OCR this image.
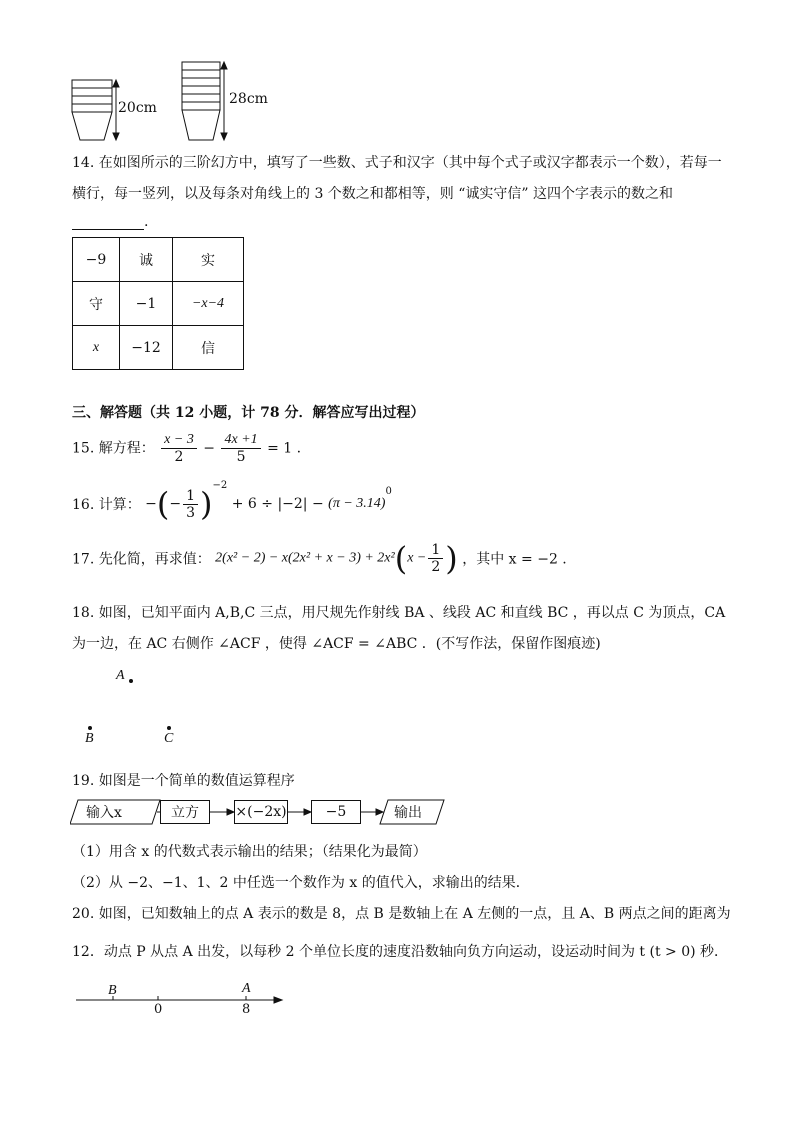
20cm
28cm
14. 在如图所示的三阶幻方中，填写了一些数、式子和汉字（其中每个式子或汉字都表示一个数），若每一
横行，每一竖列，以及每条对角线上的 3 个数之和都相等，则 “诚实守信” 这四个字表示的数之和
.
−9	诚	实
守	−1	−x−4
x	−12	信
三、解答题（共 12 小题，计 78 分．解答应写出过程）
15. 解方程： $\frac{x - 3}{2} - \frac{4x +1}{5} = 1$ .
16. 计算： −(− $\frac{1}{3} )^{-2} + 6 \div |-2| - (\pi - 3.14)^0$
17. 先化简，再求值： $2(x^2 - 2) - x(2x^2 + x - 3) + 2x^2(x - \frac{1}{2}$ ) ，其中 x = −2 .
18. 如图，已知平面内 A,B,C 三点，用尺规先作射线 BA 、线段 AC 和直线 BC ，再以点 C 为顶点，CA
为一边，在 AC 右侧作 ∠ACF ，使得 ∠ACF = ∠ABC ．(不写作法，保留作图痕迹)
A
B	C
19. 如图是一个简单的数值运算程序
输入x	立方	×(−2x)	−5	输出
（1）用含 x 的代数式表示输出的结果；（结果化为最简）
（2）从 −2、−1、1、2 中任选一个数作为 x 的值代入，求输出的结果．
20. 如图，已知数轴上的点 A 表示的数是 8，点 B 是数轴上在 A 左侧的一点，且 A、B 两点之间的距离为
12．动点 P 从点 A 出发，以每秒 2 个单位长度的速度沿数轴向负方向运动，设运动时间为 t (t > 0) 秒．
B	A
0	8
